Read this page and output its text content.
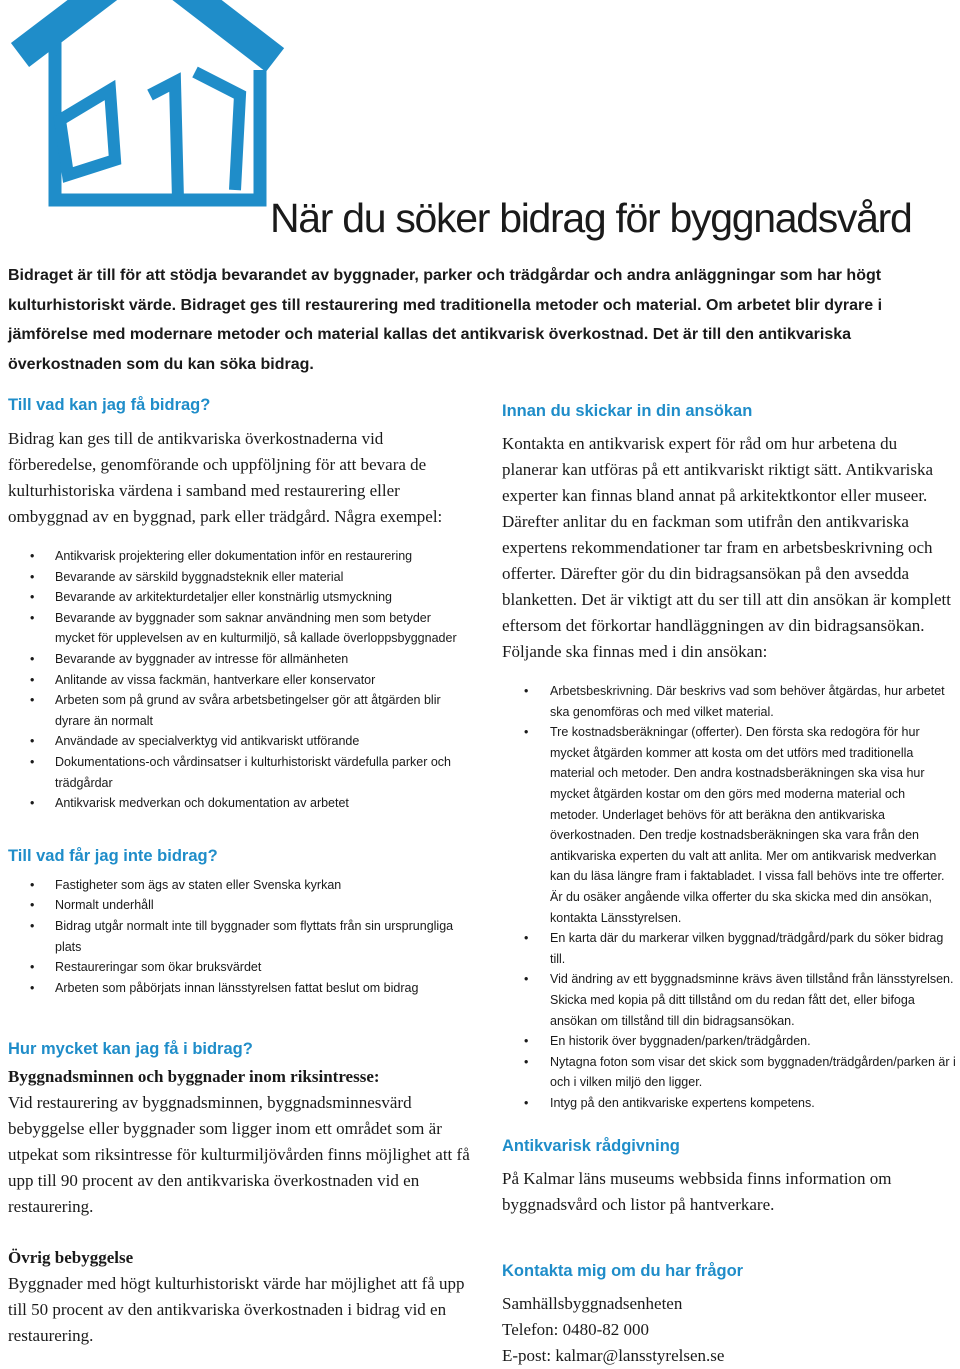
När du söker bidrag för byggnadsvård

Bidraget är till för att stödja bevarandet av byggnader, parker och trädgårdar och andra anläggningar som har högt kulturhistoriskt värde. Bidraget ges till restaurering med traditionella metoder och material. Om arbetet blir dyrare i jämförelse med modernare metoder och material kallas det antikvarisk överkostnad. Det är till den antikvariska överkostnaden som du kan söka bidrag.

Till vad kan jag få bidrag?

Bidrag kan ges till de antikvariska överkostnaderna vid förberedelse, genomförande och uppföljning för att bevara de kulturhistoriska värdena i samband med restaurering eller ombyggnad av en byggnad, park eller trädgård. Några exempel:

• Antikvarisk projektering eller dokumentation inför en restaurering
• Bevarande av särskild byggnadsteknik eller material
• Bevarande av arkitekturdetaljer eller konstnärlig utsmyckning
• Bevarande av byggnader som saknar användning men som betyder mycket för upplevelsen av en kulturmiljö, så kallade överloppsbyggnader
• Bevarande av byggnader av intresse för allmänheten
• Anlitande av vissa fackmän, hantverkare eller konservator
• Arbeten som på grund av svåra arbetsbetingelser gör att åtgärden blir dyrare än normalt
• Användade av specialverktyg vid antikvariskt utförande
• Dokumentations-och vårdinsatser i kulturhistoriskt värdefulla parker och trädgårdar
• Antikvarisk medverkan och dokumentation av arbetet
Till vad får jag inte bidrag?
• Fastigheter som ägs av staten eller Svenska kyrkan
• Normalt underhåll
• Bidrag utgår normalt inte till byggnader som flyttats från sin ursprungliga plats
• Restaureringar som ökar bruksvärdet
• Arbeten som påbörjats innan länsstyrelsen fattat beslut om bidrag
Hur mycket kan jag få i bidrag?
Byggnadsminnen och byggnader inom riksintresse:

Vid restaurering av byggnadsminnen, byggnadsminnesvärd bebyggelse eller byggnader som ligger inom ett området som är utpekat som riksintresse för kulturmiljövården finns möjlighet att få upp till 90 procent av den antikvariska överkostnaden vid en restaurering.

Övrig bebyggelse

Byggnader med högt kulturhistoriskt värde har möjlighet att få upp till 50 procent av den antikvariska överkostnaden i bidrag vid en restaurering.

Innan du skickar in din ansökan

Kontakta en antikvarisk expert för råd om hur arbetena du planerar kan utföras på ett antikvariskt riktigt sätt. Antikvariska experter kan finnas bland annat på arkitektkontor eller museer. Därefter anlitar du en fackman som utifrån den antikvariska expertens rekommendationer tar fram en arbetsbeskrivning och offerter. Därefter gör du din bidragsansökan på den avsedda blanketten. Det är viktigt att du ser till att din ansökan är komplett eftersom det förkortar handläggningen av din bidragsansökan. Följande ska finnas med i din ansökan:

• Arbetsbeskrivning. Där beskrivs vad som behöver åtgärdas, hur arbetet ska genomföras och med vilket material.
• Tre kostnadsberäkningar (offerter). Den första ska redogöra för hur mycket åtgärden kommer att kosta om det utförs med traditionella material och metoder. Den andra kostnadsberäkningen ska visa hur mycket åtgärden kostar om den görs med moderna material och metoder. Underlaget behövs för att beräkna den antikvariska överkostnaden. Den tredje kostnadsberäkningen ska vara från den antikvariska experten du valt att anlita. Mer om antikvarisk medverkan kan du läsa längre fram i faktabladet. I vissa fall behövs inte tre offerter. Är du osäker angående vilka offerter du ska skicka med din ansökan, kontakta Länsstyrelsen.
• En karta där du markerar vilken byggnad/trädgård/park du söker bidrag till.
• Vid ändring av ett byggnadsminne krävs även tillstånd från länsstyrelsen. Skicka med kopia på ditt tillstånd om du redan fått det, eller bifoga ansökan om tillstånd till din bidragsansökan.
• En historik över byggnaden/parken/trädgården.
• Nytagna foton som visar det skick som byggnaden/trädgården/parken är i och i vilken miljö den ligger.
• Intyg på den antikvariske expertens kompetens.
Antikvarisk rådgivning

På Kalmar läns museums webbsida finns information om byggnadsvård och listor på hantverkare.

Kontakta mig om du har frågor

Samhällsbyggnadsenheten

Telefon: 0480-82 000

E-post: kalmar@lansstyrelsen.se
